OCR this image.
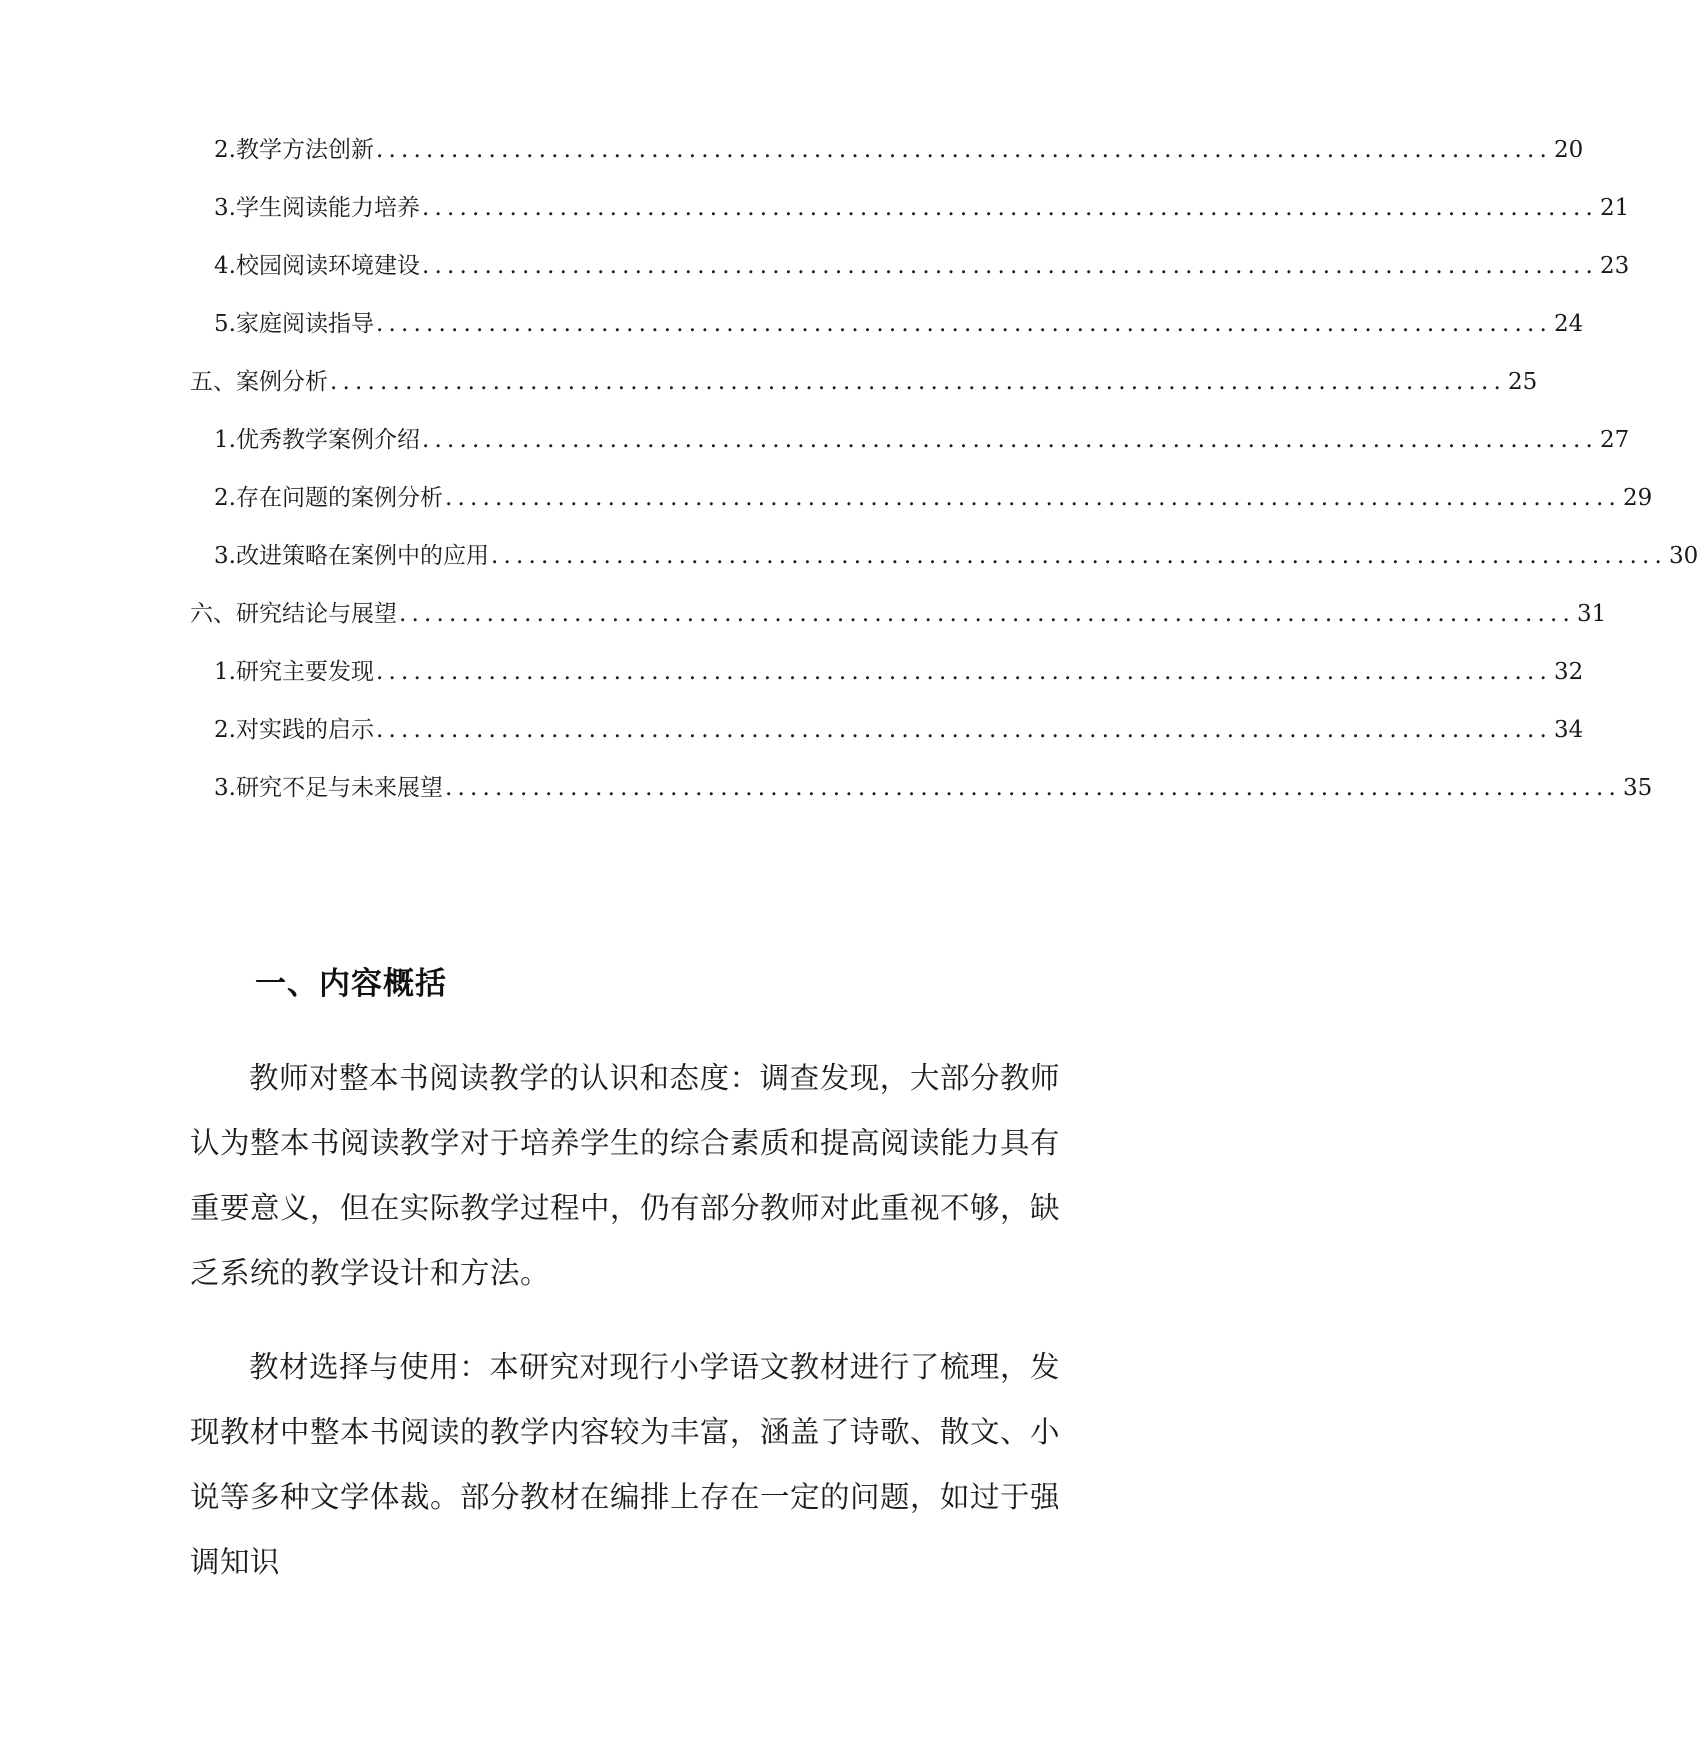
2. 教学方法创新 .............................................................................................. 20
3. 学生阅读能力培养 .............................................................................................. 21
4. 校园阅读环境建设 .............................................................................................. 23
5. 家庭阅读指导 .............................................................................................. 24
五、案例分析 .............................................................................................. 25
1. 优秀教学案例介绍 .............................................................................................. 27
2. 存在问题的案例分析 .............................................................................................. 29
3. 改进策略在案例中的应用 .............................................................................................. 30
六、研究结论与展望 .............................................................................................. 31
1. 研究主要发现 .............................................................................................. 32
2. 对实践的启示 .............................................................................................. 34
3. 研究不足与未来展望 .............................................................................................. 35
一、内容概括

教师对整本书阅读教学的认识和态度：调查发现，大部分教师认为整本书阅读教学对于培养学生的综合素质和提高阅读能力具有重要意义，但在实际教学过程中，仍有部分教师对此重视不够，缺乏系统的教学设计和方法。

教材选择与使用：本研究对现行小学语文教材进行了梳理，发现教材中整本书阅读的教学内容较为丰富，涵盖了诗歌、散文、小说等多种文学体裁。部分教材在编排上存在一定的问题，如过于强调知识
